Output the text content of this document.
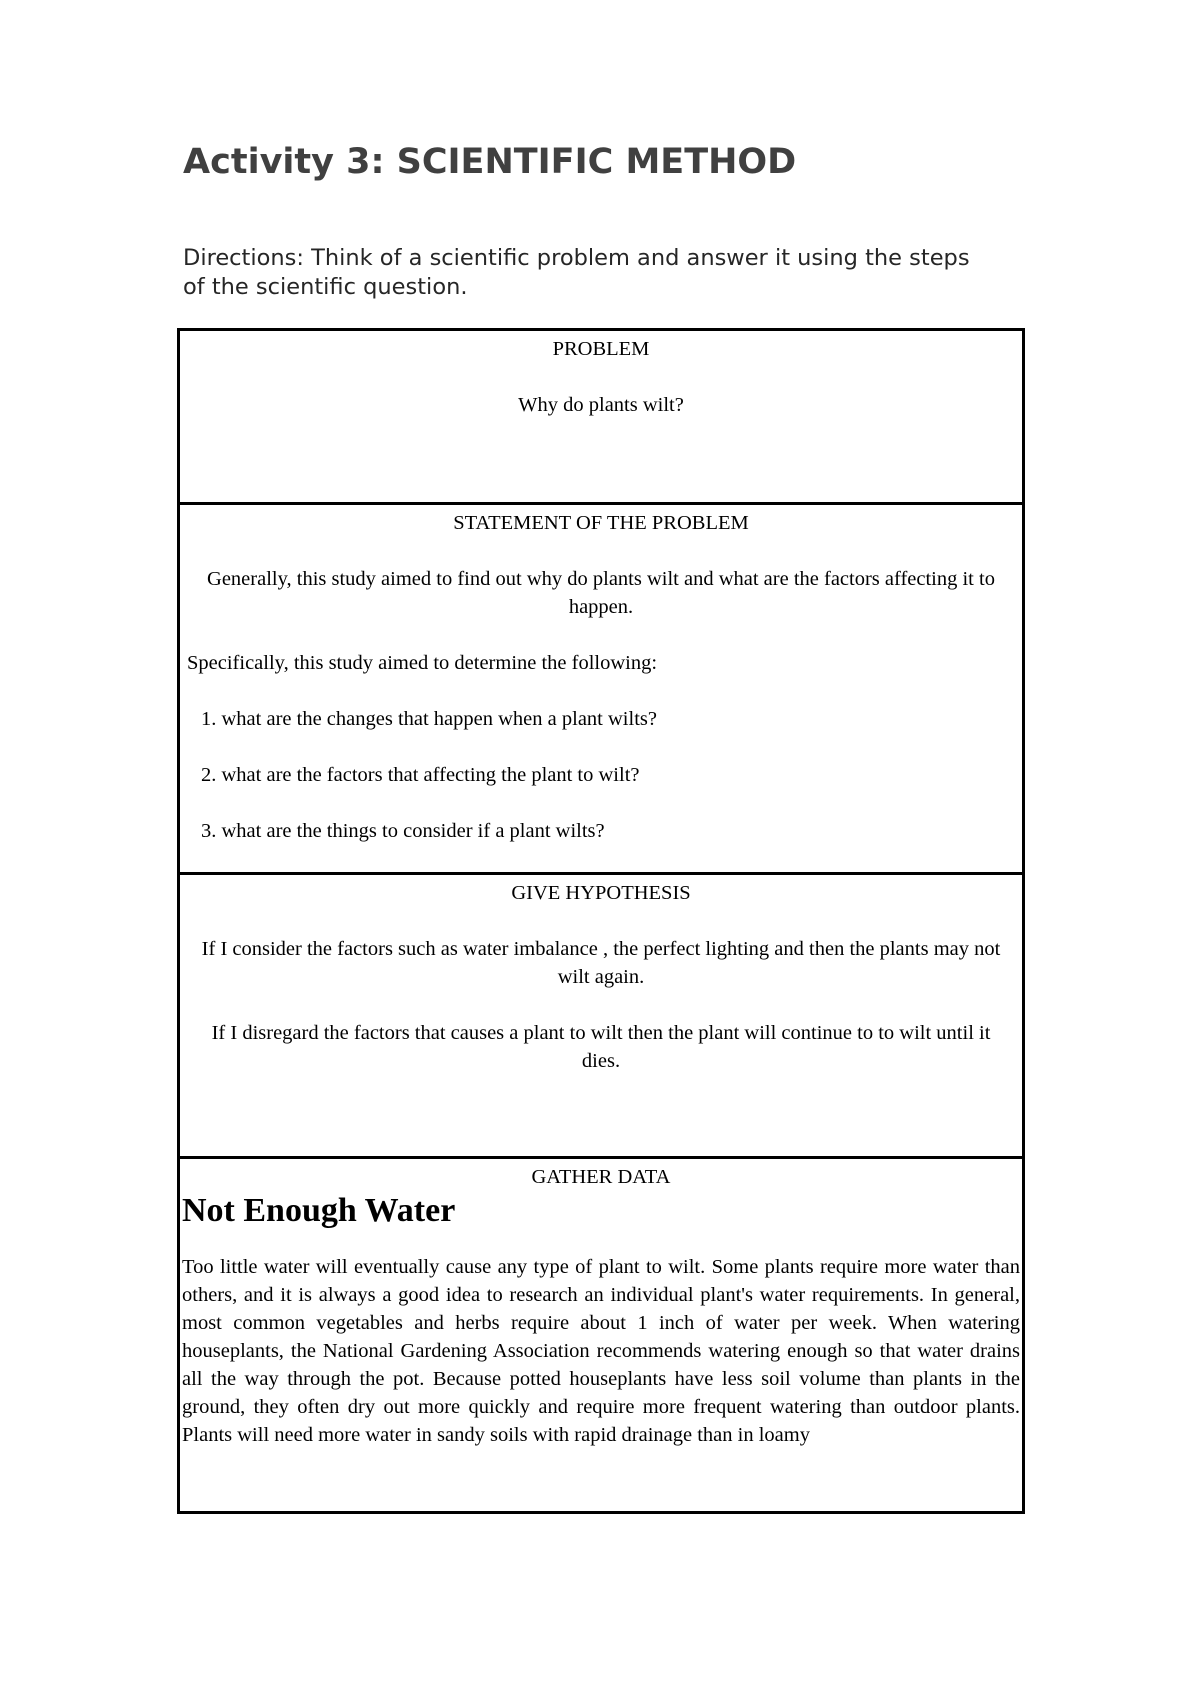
Activity 3: SCIENTIFIC METHOD

Directions: Think of a scientific problem and answer it using the steps of the scientific question.

PROBLEM

Why do plants wilt?

STATEMENT OF THE PROBLEM

Generally, this study aimed to find out why do plants wilt and what are the factors affecting it to happen.

Specifically, this study aimed to determine the following:

1. what are the changes that happen when a plant wilts?

2. what are the factors that affecting the plant to wilt?

3. what are the things to consider if a plant wilts?

GIVE HYPOTHESIS

If I consider the factors such as water imbalance , the perfect lighting and then the plants may not wilt again.

If I disregard the factors that causes a plant to wilt then the plant will continue to to wilt until it dies.

GATHER DATA

Not Enough Water

Too little water will eventually cause any type of plant to wilt. Some plants require more water than others, and it is always a good idea to research an individual plant's water requirements. In general, most common vegetables and herbs require about 1 inch of water per week. When watering houseplants, the National Gardening Association recommends watering enough so that water drains all the way through the pot. Because potted houseplants have less soil volume than plants in the ground, they often dry out more quickly and require more frequent watering than outdoor plants. Plants will need more water in sandy soils with rapid drainage than in loamy
